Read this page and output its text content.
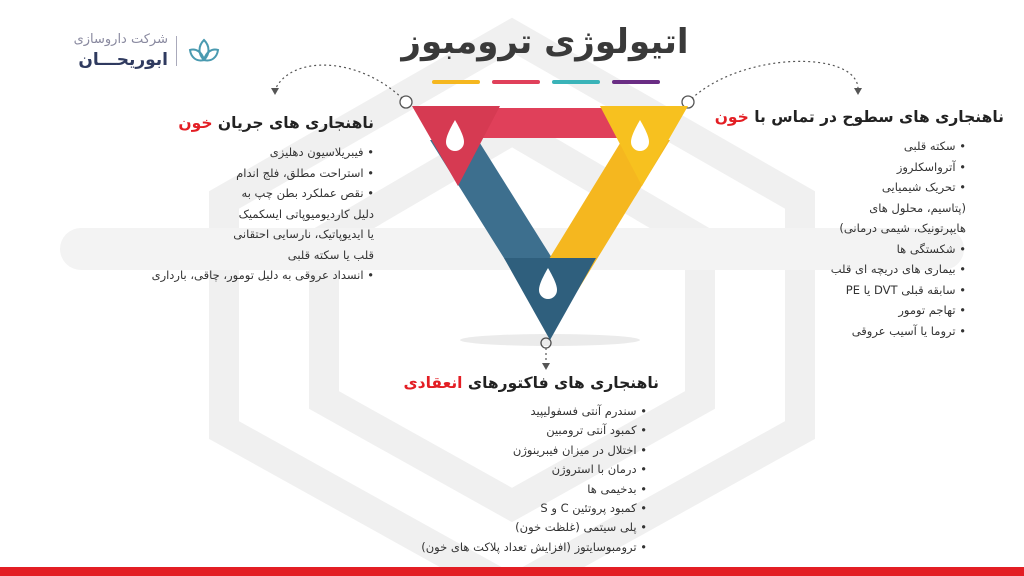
شرکت داروسازی
ابوریحـــان	اتیولوژی ترومبوز
ناهنجاری های جریان خون
• فیبریلاسیون دهلیزی
• استراحت مطلق، فلج اندام
• نقص عملکرد بطن چپ به
دلیل کاردیومیوپاتی ایسکمیک
یا ایدیوپاتیک، نارسایی احتقانی
قلب یا سکته قلبی
• انسداد عروقی به دلیل تومور، چاقی، بارداری
ناهنجاری های سطوح در تماس با خون
• سکته قلبی
• آترواسکلروز
• تحریک شیمیایی
(پتاسیم، محلول های
هایپرتونیک، شیمی درمانی)
• شکستگی ها
• بیماری های دریچه ای قلب
• سابقه قبلی DVT یا PE
• تهاجم تومور
• تروما یا آسیب عروقی
ناهنجاری های فاکتورهای انعقادی
• سندرم آنتی فسفولیپید
• کمبود آنتی ترومبین
• اختلال در میزان فیبرینوژن
• درمان با استروژن
• بدخیمی ها
• کمبود پروتئین C و S
• پلی سیتمی (غلظت خون)
• ترومبوسایتوز (افزایش تعداد پلاکت های خون)
